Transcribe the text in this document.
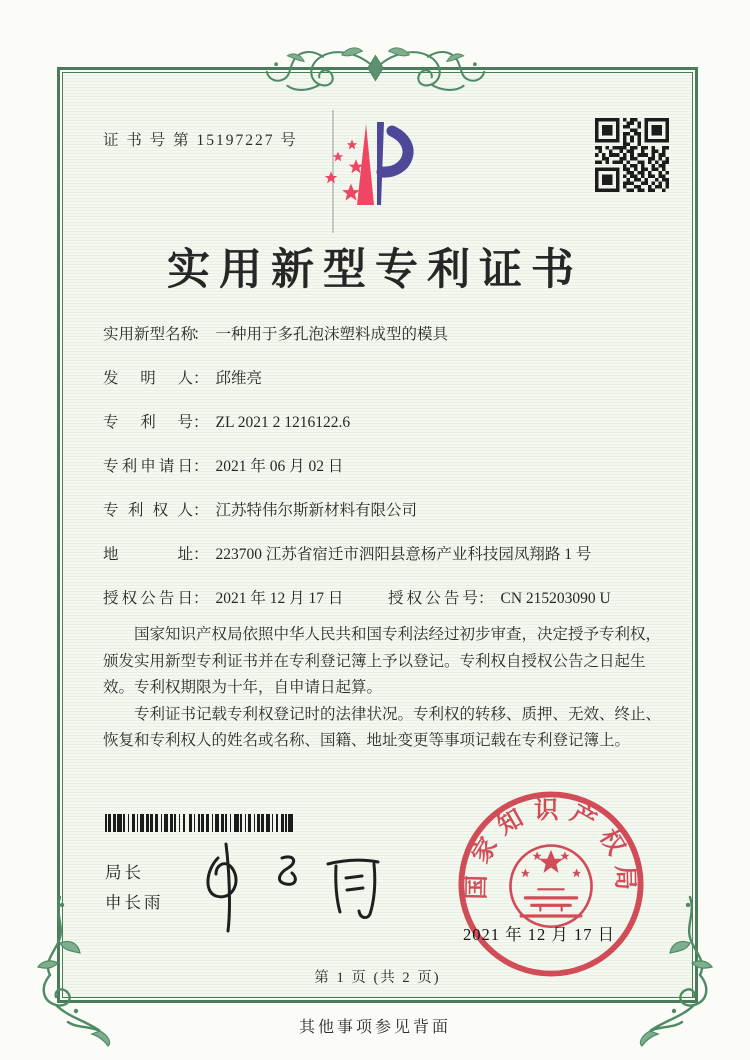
证 书 号 第 15197227 号
实用新型专利证书
实用新型名称： 一种用于多孔泡沫塑料成型的模具
发明人： 邱维亮
专利号： ZL 2021 2 1216122.6
专利申请日： 2021 年 06 月 02 日
专利权人： 江苏特伟尔斯新材料有限公司
地址： 223700 江苏省宿迁市泗阳县意杨产业科技园凤翔路 1 号
授权公告日： 2021 年 12 月 17 日	授权公告号： CN 215203090 U

国家知识产权局依照中华人民共和国专利法经过初步审查，决定授予专利权，颁发实用新型专利证书并在专利登记簿上予以登记。专利权自授权公告之日起生效。专利权期限为十年，自申请日起算。

专利证书记载专利权登记时的法律状况。专利权的转移、质押、无效、终止、恢复和专利权人的姓名或名称、国籍、地址变更等事项记载在专利登记簿上。

局长
申长雨
国家知识产权局
2021 年 12 月 17 日
第 1 页 (共 2 页)
其他事项参见背面
